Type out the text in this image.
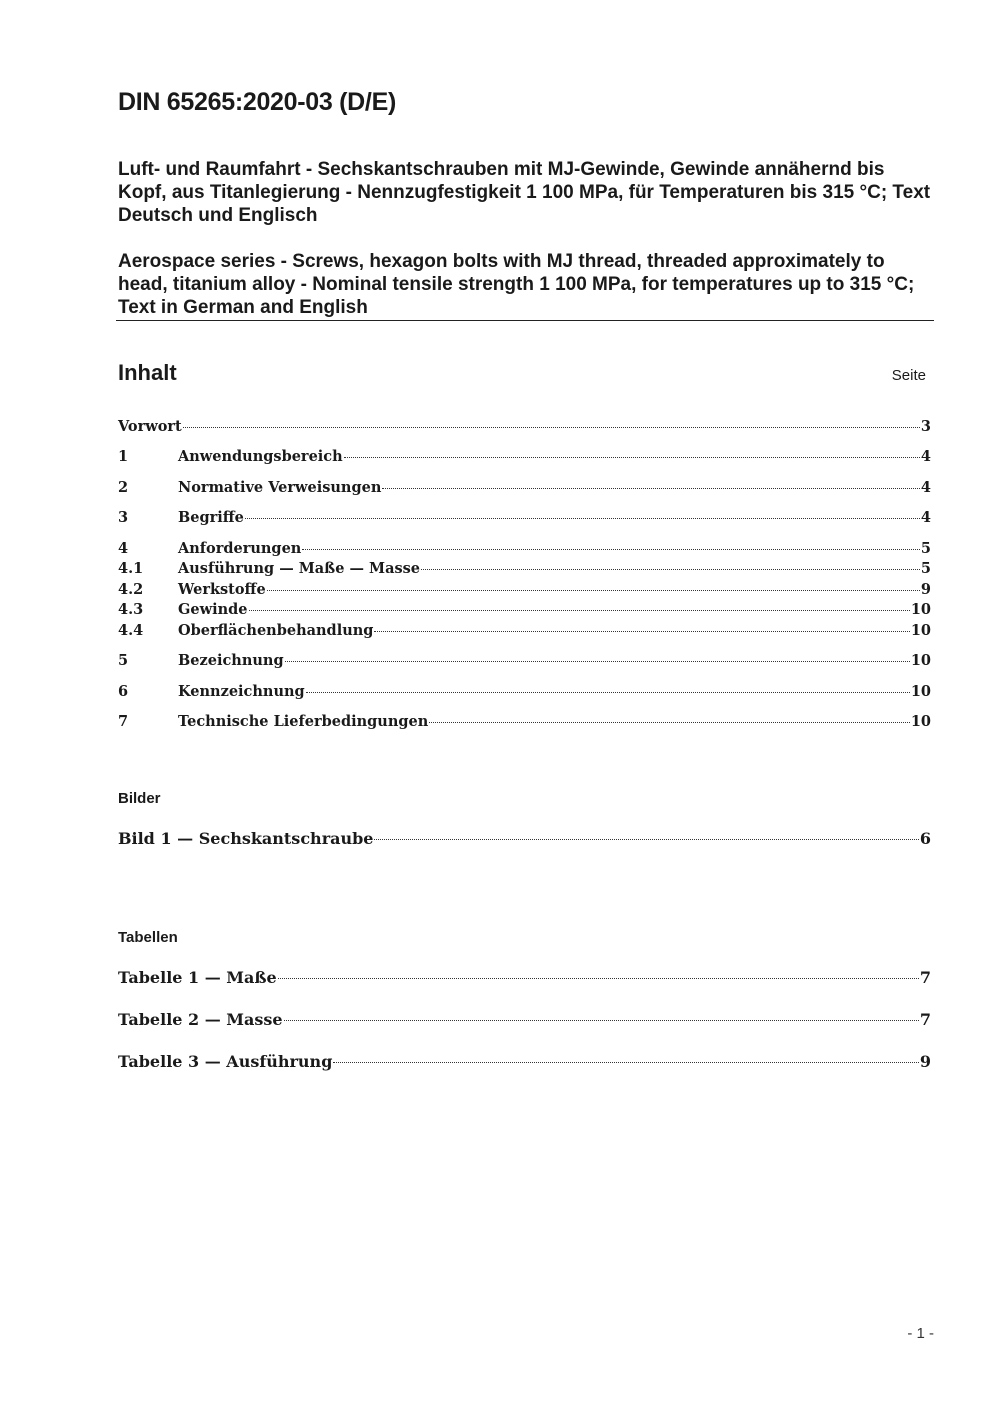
DIN 65265:2020-03 (D/E)

Luft- und Raumfahrt - Sechskantschrauben mit MJ-Gewinde, Gewinde annähernd bis Kopf, aus Titanlegierung - Nennzugfestigkeit 1 100 MPa, für Temperaturen bis 315 °C; Text Deutsch und Englisch

Aerospace series - Screws, hexagon bolts with MJ thread, threaded approximately to head, titanium alloy - Nominal tensile strength 1 100 MPa, for temperatures up to 315 °C; Text in German and English

Inhalt	Seite
Vorwort	3
1	Anwendungsbereich	4
2	Normative Verweisungen	4
3	Begriffe	4
4	Anforderungen	5
4.1	Ausführung — Maße — Masse	5
4.2	Werkstoffe	9
4.3	Gewinde	10
4.4	Oberflächenbehandlung	10
5	Bezeichnung	10
6	Kennzeichnung	10
7	Technische Lieferbedingungen	10
Bilder
Bild 1 — Sechskantschraube	6
Tabellen
Tabelle 1 — Maße	7
Tabelle 2 — Masse	7
Tabelle 3 — Ausführung	9
- 1 -
